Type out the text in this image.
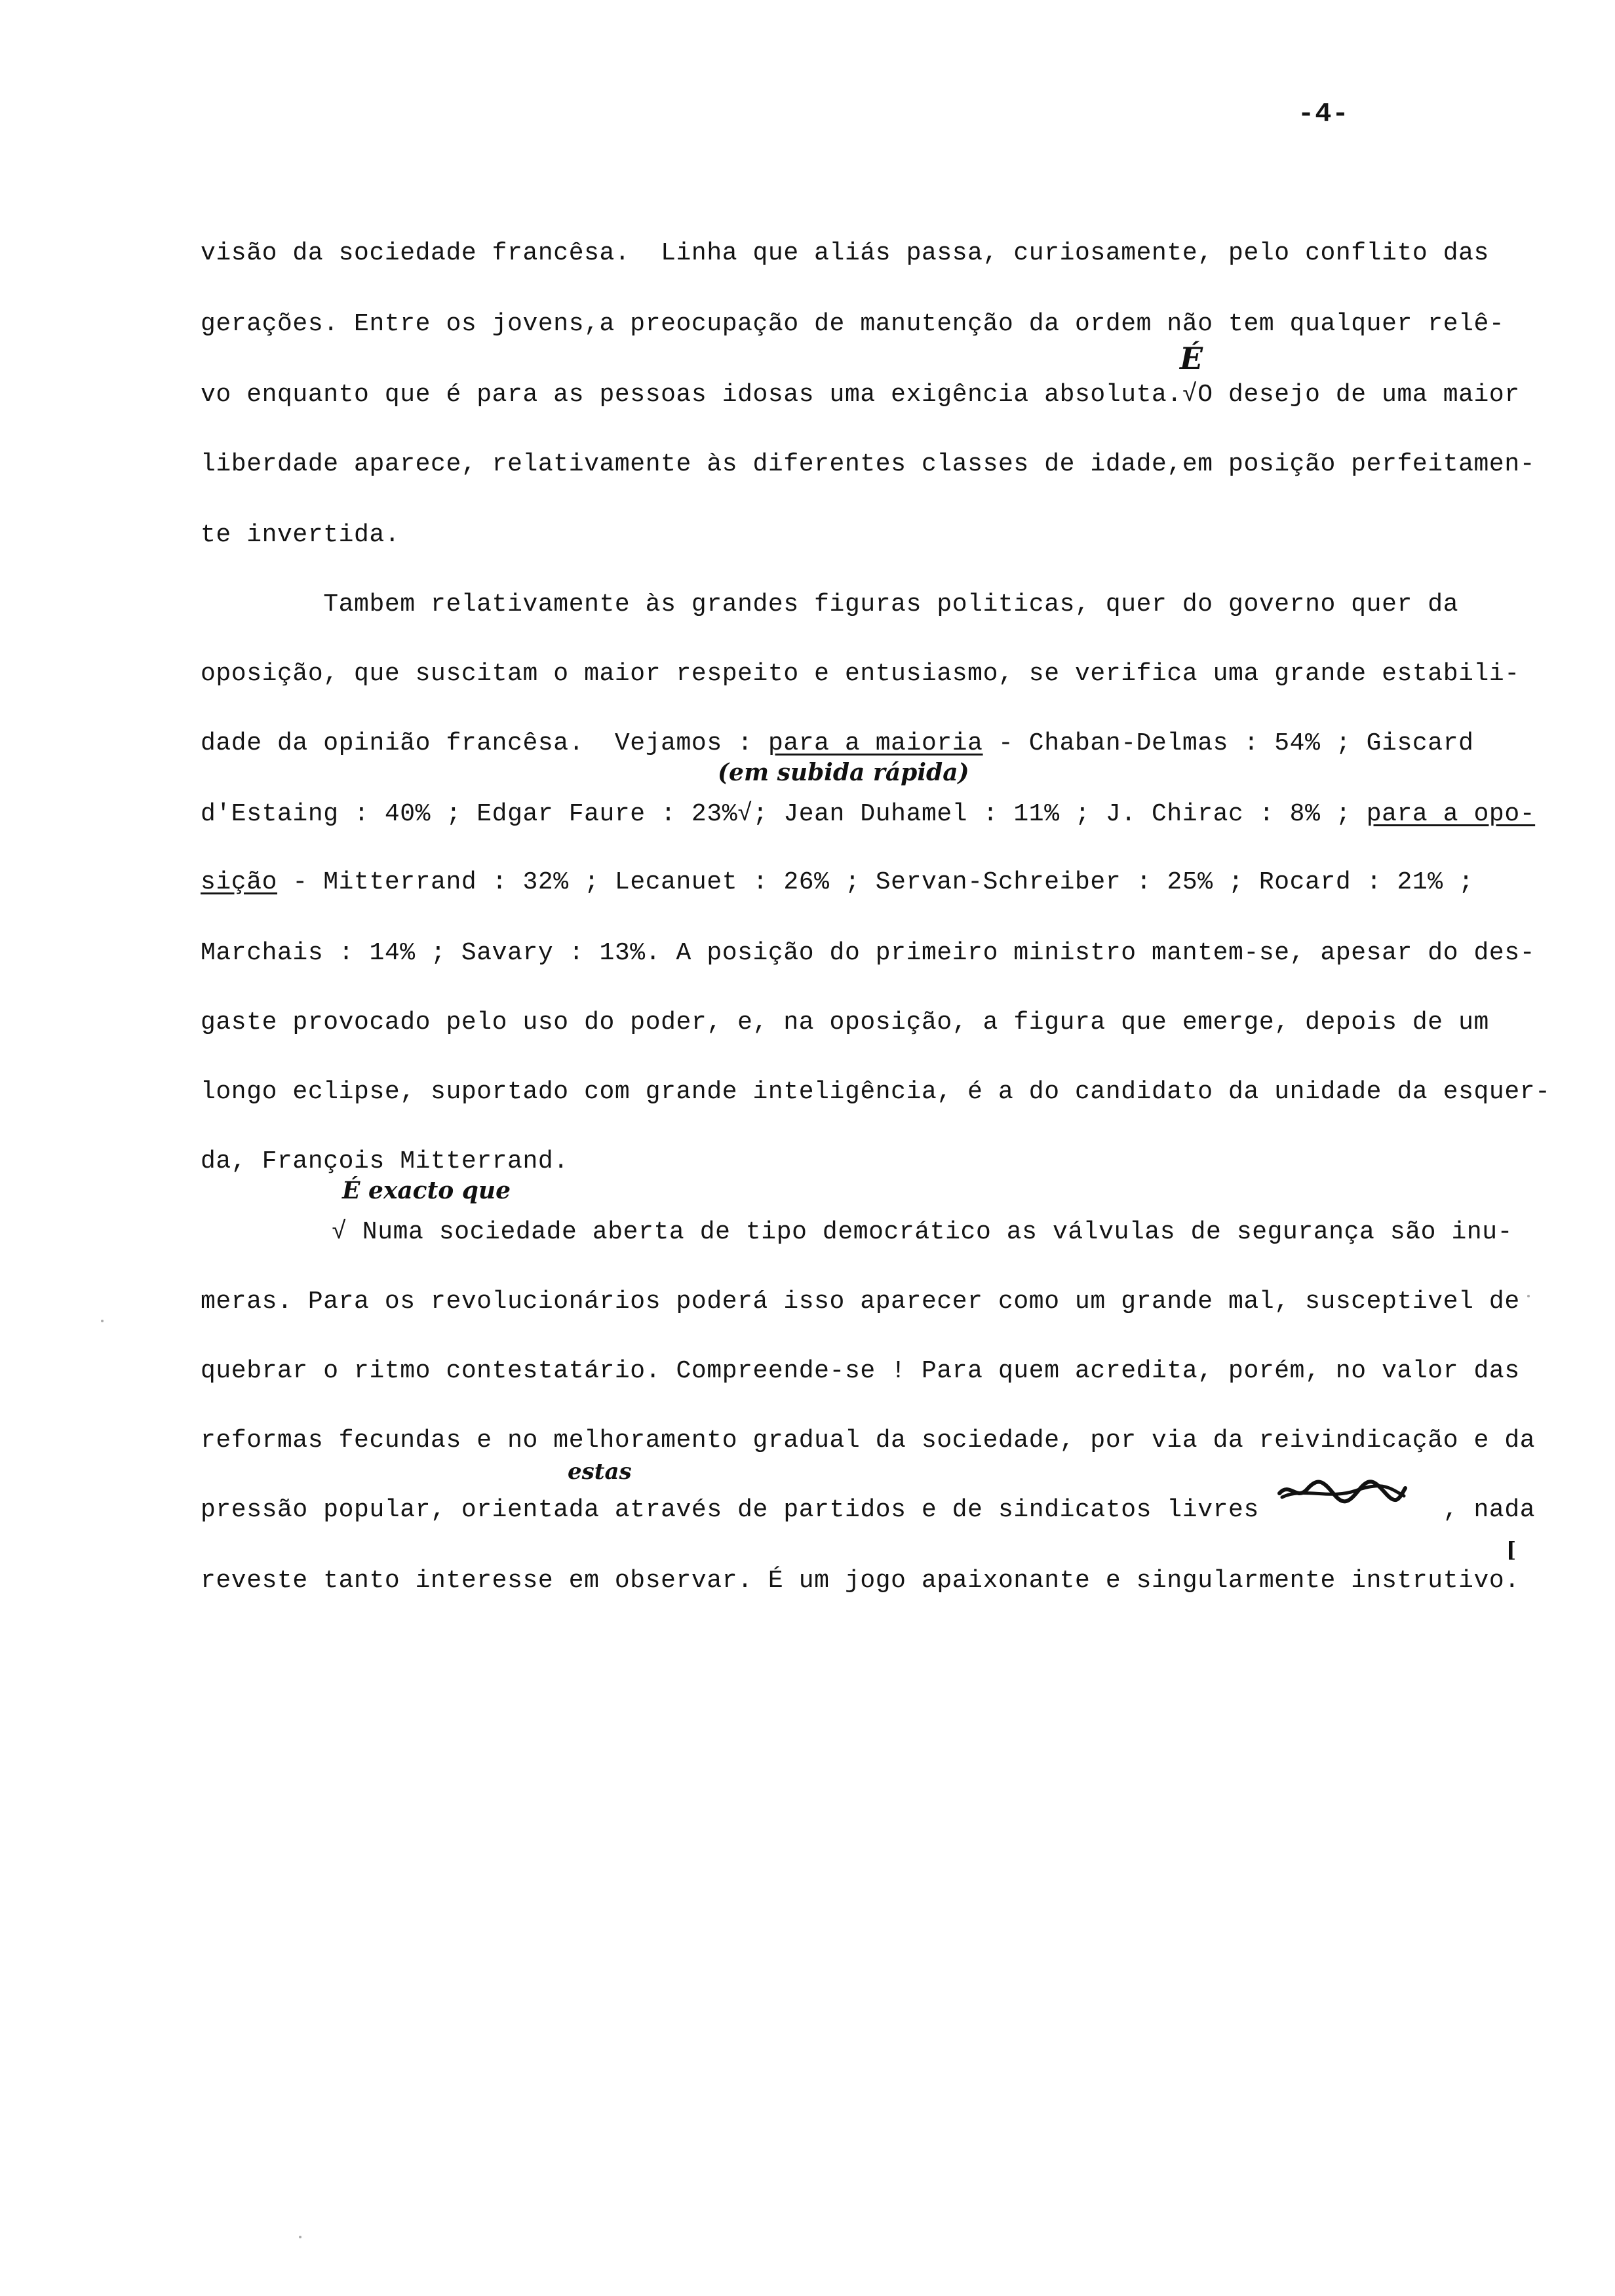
-4-
visão da sociedade francêsa.  Linha que aliás passa, curiosamente, pelo conflito das
gerações. Entre os jovens,a preocupação de manutenção da ordem não tem qualquer relê-
vo enquanto que é para as pessoas idosas uma exigência absoluta.√O desejo de uma maior
liberdade aparece, relativamente às diferentes classes de idade,em posição perfeitamen-
te invertida.
Tambem relativamente às grandes figuras politicas, quer do governo quer da
oposição, que suscitam o maior respeito e entusiasmo, se verifica uma grande estabili-
dade da opinião francêsa.  Vejamos : para a maioria - Chaban-Delmas : 54% ; Giscard
d'Estaing : 40% ; Edgar Faure : 23%√; Jean Duhamel : 11% ; J. Chirac : 8% ; para a opo-
sição - Mitterrand : 32% ; Lecanuet : 26% ; Servan-Schreiber : 25% ; Rocard : 21% ;
Marchais : 14% ; Savary : 13%. A posição do primeiro ministro mantem-se, apesar do des-
gaste provocado pelo uso do poder, e, na oposição, a figura que emerge, depois de um
longo eclipse, suportado com grande inteligência, é a do candidato da unidade da esquer-
da, François Mitterrand.
√ Numa sociedade aberta de tipo democrático as válvulas de segurança são inu-
meras. Para os revolucionários poderá isso aparecer como um grande mal, susceptivel de
quebrar o ritmo contestatário. Compreende-se ! Para quem acredita, porém, no valor das
reformas fecundas e no melhoramento gradual da sociedade, por via da reivindicação e da
pressão popular, orientada através de partidos e de sindicatos livres            , nada
reveste tanto interesse em observar. É um jogo apaixonante e singularmente instrutivo.
É
(em subida rápida)
É exacto que
estas
[
